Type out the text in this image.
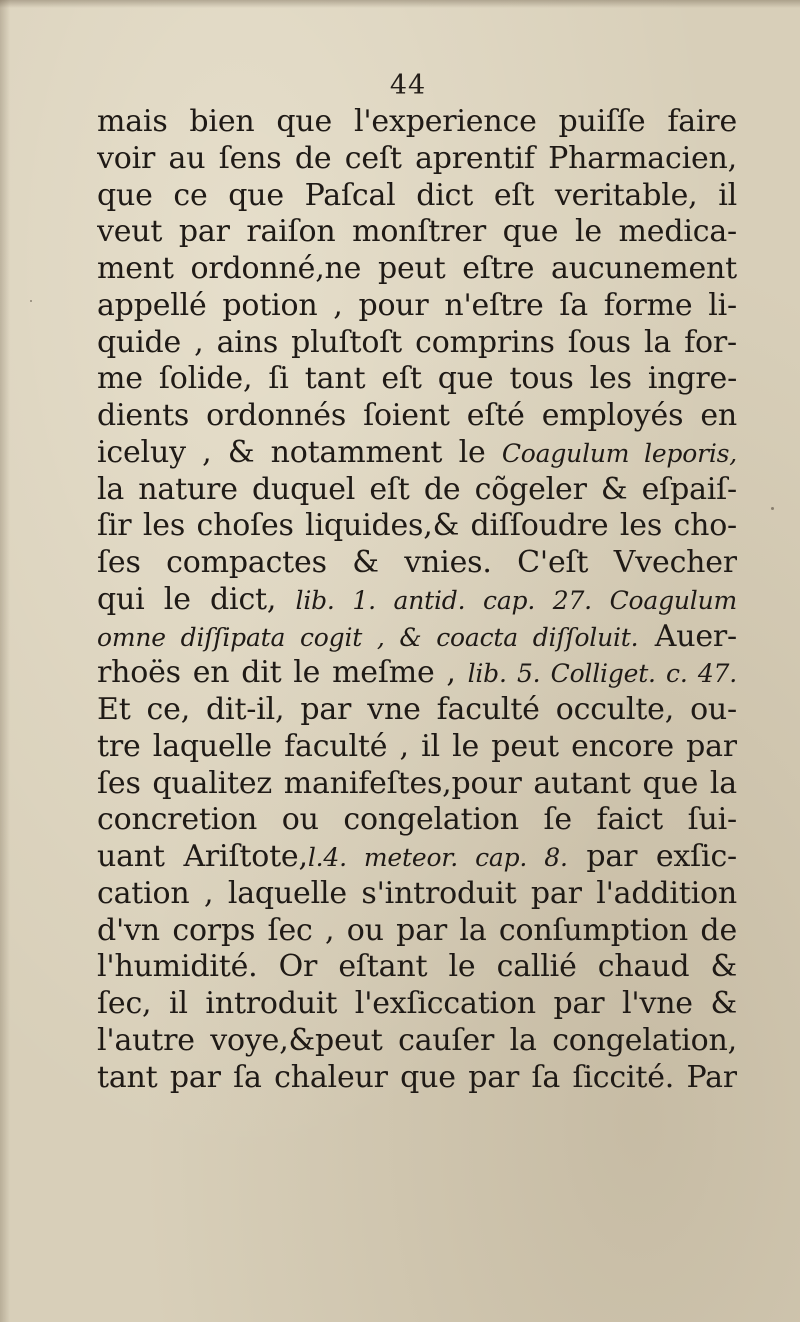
44
mais bien que l'experience puiſſe faire
voir au ſens de ceſt aprentif Pharmacien,
que ce que Paſcal dict eſt veritable, il
veut par raiſon monſtrer que le medica-
ment ordonné,ne peut eſtre aucunement
appellé potion , pour n'eſtre ſa forme li-
quide , ains pluſtoſt comprins ſous la for-
me ſolide, ſi tant eſt que tous les ingre-
dients ordonnés ſoient eſté employés en
iceluy , & notamment le Coagulum leporis,
la nature duquel eſt de cõgeler & eſpaiſ-
ſir les choſes liquides,& diſſoudre les cho-
ſes compactes & vnies. C'eſt Vvecher
qui le dict, lib. 1. antid. cap. 27. Coagulum
omne diſſipata cogit , & coacta diſſoluit. Auer-
rhoës en dit le meſme , lib. 5. Colliget. c. 47.
Et ce, dit-il, par vne faculté occulte, ou-
tre laquelle faculté , il le peut encore par
ſes qualitez manifeſtes,pour autant que la
concretion ou congelation ſe faict ſui-
uant Ariſtote,l.4. meteor. cap. 8. par exſic-
cation , laquelle s'introduit par l'addition
d'vn corps ſec , ou par la conſumption de
l'humidité. Or eſtant le callié chaud &
ſec, il introduit l'exſiccation par l'vne &
l'autre voye,&peut cauſer la congelation,
tant par ſa chaleur que par ſa ſiccité. Par
